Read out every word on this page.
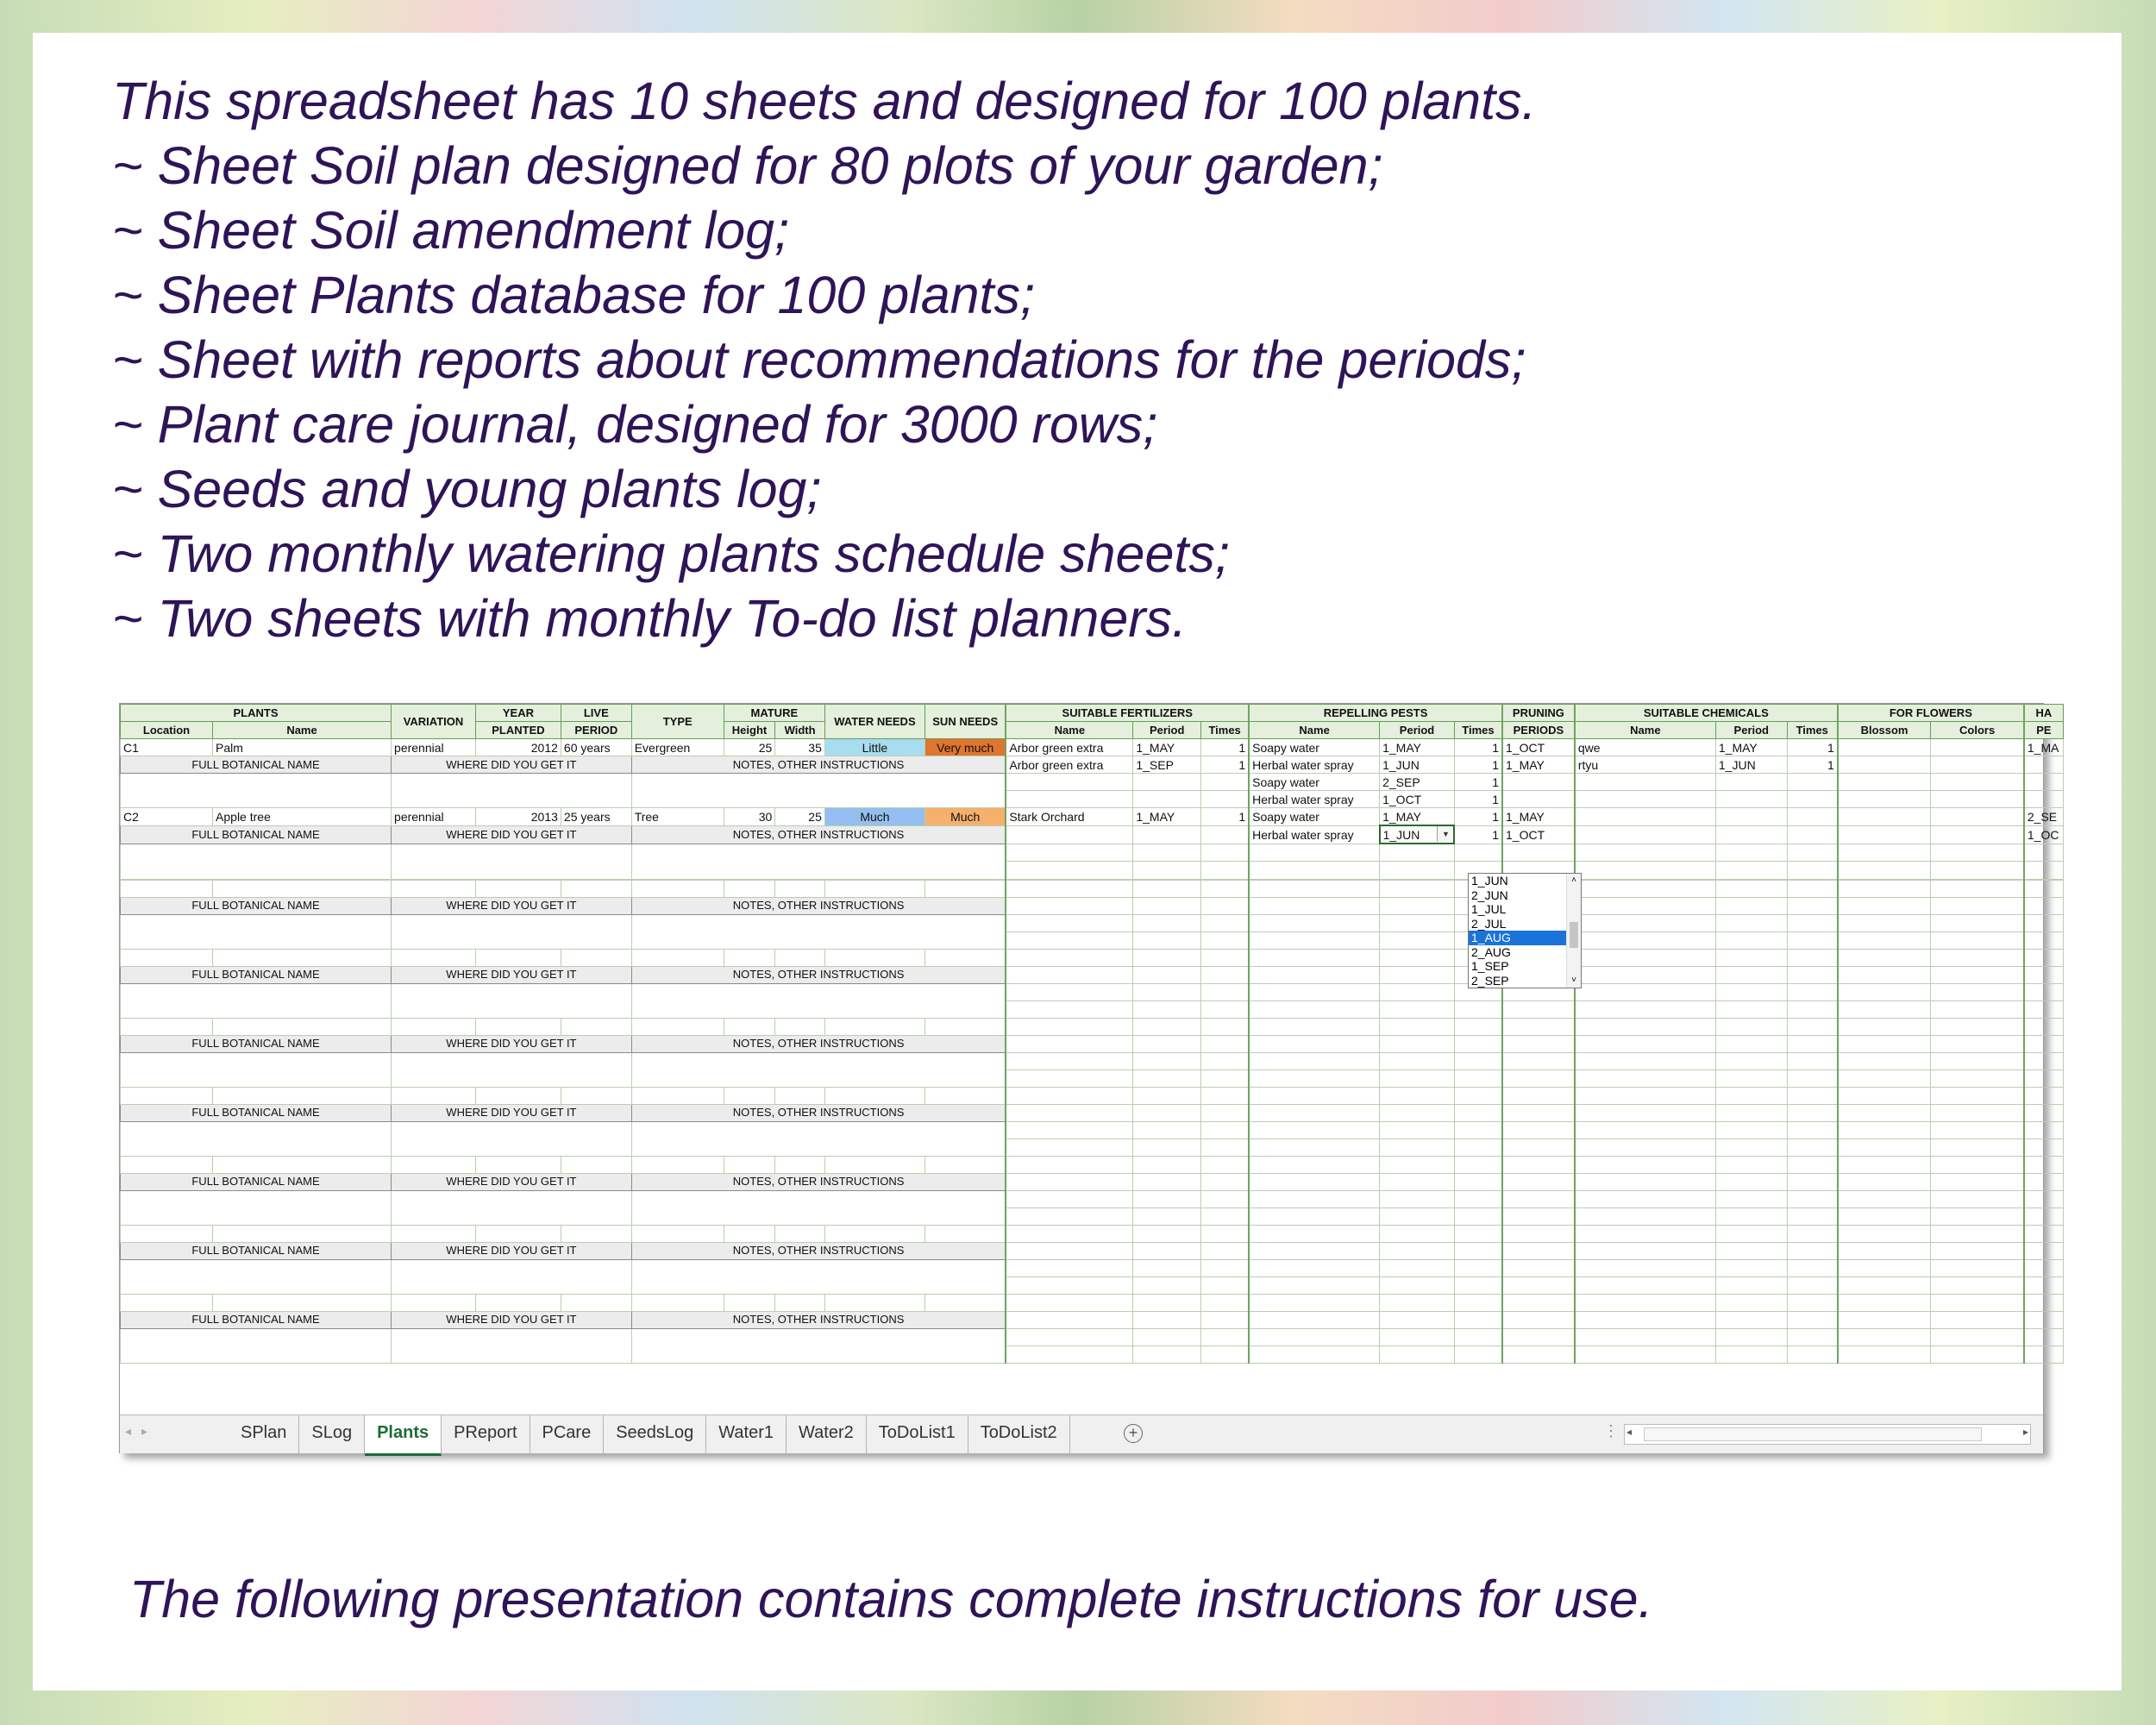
This spreadsheet has 10 sheets and designed for 100 plants.
~ Sheet Soil plan designed for 80 plots of your garden;
~ Sheet Soil amendment log;
~ Sheet Plants database for 100 plants;
~ Sheet with reports about recommendations for the periods;
~ Plant care journal, designed for 3000 rows;
~ Seeds and young plants log;
~ Two monthly watering plants schedule sheets;
~ Two sheets with monthly To-do list planners.
PLANTS		VARIATION	YEAR	LIVE	TYPE	MATURE		WATER NEEDS	SUN NEEDS	SUITABLE FERTILIZERS			REPELLING PESTS			PRUNING	SUITABLE CHEMICALS			FOR FLOWERS		HA
Location	Name		PLANTED	PERIOD		Height	Width			Name	Period	Times	Name	Period	Times	PERIODS	Name	Period	Times	Blossom	Colors	PE
C1	Palm	perennial	2012	60 years	Evergreen	25	35	Little	Very much	Arbor green extra	1_MAY	1	Soapy water	1_MAY	1	1_OCT	qwe	1_MAY	1			1_MA
FULL BOTANICAL NAME		WHERE DID YOU GET IT			NOTES, OTHER INSTRUCTIONS					Arbor green extra	1_SEP	1	Herbal water spray	1_JUN	1	1_MAY	rtyu	1_JUN	1			
													Soapy water	2_SEP	1							
													Herbal water spray	1_OCT	1							
C2	Apple tree	perennial	2013	25 years	Tree	30	25	Much	Much	Stark Orchard	1_MAY	1	Soapy water	1_MAY	1	1_MAY						2_SE
FULL BOTANICAL NAME		WHERE DID YOU GET IT			NOTES, OTHER INSTRUCTIONS								Herbal water spray	1_JUN ▼	1	1_OCT						1_OC

FULL BOTANICAL NAME		WHERE DID YOU GET IT			NOTES, OTHER INSTRUCTIONS																	

FULL BOTANICAL NAME		WHERE DID YOU GET IT			NOTES, OTHER INSTRUCTIONS																	

FULL BOTANICAL NAME		WHERE DID YOU GET IT			NOTES, OTHER INSTRUCTIONS																	

FULL BOTANICAL NAME		WHERE DID YOU GET IT			NOTES, OTHER INSTRUCTIONS																	

FULL BOTANICAL NAME		WHERE DID YOU GET IT			NOTES, OTHER INSTRUCTIONS																	

FULL BOTANICAL NAME		WHERE DID YOU GET IT			NOTES, OTHER INSTRUCTIONS																	

FULL BOTANICAL NAME		WHERE DID YOU GET IT			NOTES, OTHER INSTRUCTIONS																	

1_JUN
2_JUN
1_JUL
2_JUL
1_AUG
2_AUG
1_SEP
2_SEP
˄
˅
◂▸	SPlan	SLog	Plants	PReport	PCare	SeedsLog	Water1	Water2	ToDoList1	ToDoList2	+	⋮ ◂	▸
The following presentation contains complete instructions for use.
